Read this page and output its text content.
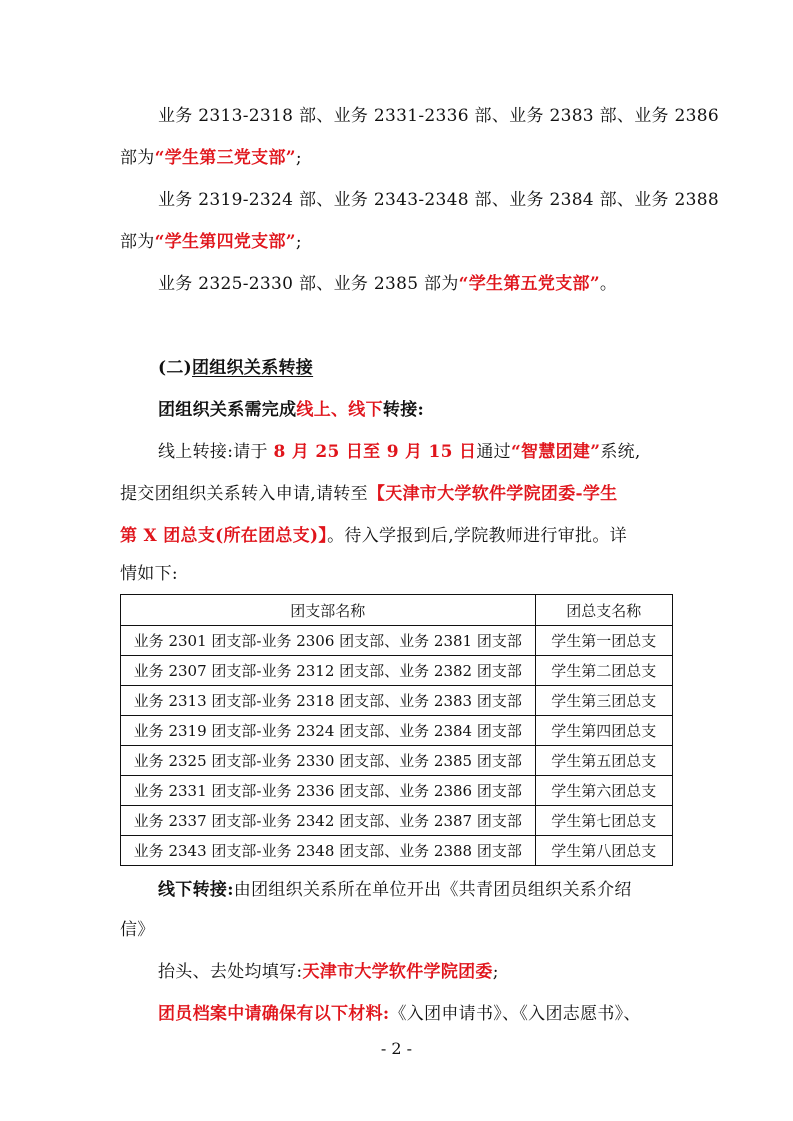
业务 2313-2318 部、业务 2331-2336 部、业务 2383 部、业务 2386
部为“学生第三党支部”;
业务 2319-2324 部、业务 2343-2348 部、业务 2384 部、业务 2388
部为“学生第四党支部”;
业务 2325-2330 部、业务 2385 部为“学生第五党支部”。
(二)团组织关系转接
团组织关系需完成线上、线下转接:
线上转接:请于 8 月 25 日至 9 月 15 日通过“智慧团建”系统,
提交团组织关系转入申请,请转至【天津市大学软件学院团委-学生
第 X 团总支(所在团总支)】。待入学报到后,学院教师进行审批。详
情如下:
团支部名称	团总支名称
业务 2301 团支部-业务 2306 团支部、业务 2381 团支部	学生第一团总支
业务 2307 团支部-业务 2312 团支部、业务 2382 团支部	学生第二团总支
业务 2313 团支部-业务 2318 团支部、业务 2383 团支部	学生第三团总支
业务 2319 团支部-业务 2324 团支部、业务 2384 团支部	学生第四团总支
业务 2325 团支部-业务 2330 团支部、业务 2385 团支部	学生第五团总支
业务 2331 团支部-业务 2336 团支部、业务 2386 团支部	学生第六团总支
业务 2337 团支部-业务 2342 团支部、业务 2387 团支部	学生第七团总支
业务 2343 团支部-业务 2348 团支部、业务 2388 团支部	学生第八团总支
线下转接:由团组织关系所在单位开出《共青团员组织关系介绍
信》
抬头、去处均填写:天津市大学软件学院团委;
团员档案中请确保有以下材料:《入团申请书》、《入团志愿书》、
- 2 -
